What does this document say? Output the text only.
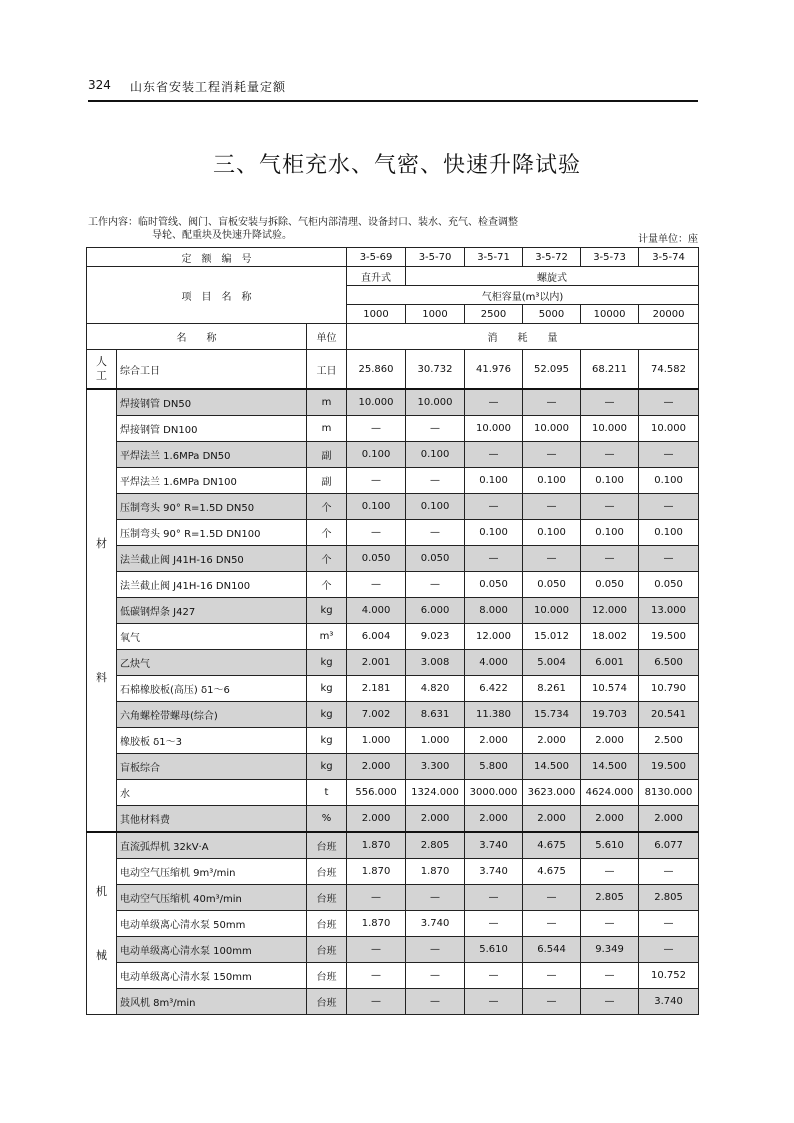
324 山东省安装工程消耗量定额
三、气柜充水、气密、快速升降试验
工作内容：临时管线、阀门、盲板安装与拆除、气柜内部清理、设备封口、装水、充气、检查调整
导轮、配重块及快速升降试验。	计量单位：座
定　额　编　号			3-5-69	3-5-70	3-5-71	3-5-72	3-5-73	3-5-74
项　目　名　称			直升式	螺旋式				
			气柜容量(m³以内)					
			1000	1000	2500	5000	10000	20000
名　　称		单位	消　　耗　　量					
人
工	综合工日	工日	25.860	30.732	41.976	52.095	68.211	74.582

材
料	焊接钢管 DN50	m	10.000	10.000	—	—	—	—
	焊接钢管 DN100	m	—	—	10.000	10.000	10.000	10.000
	平焊法兰 1.6MPa DN50	副	0.100	0.100	—	—	—	—
	平焊法兰 1.6MPa DN100	副	—	—	0.100	0.100	0.100	0.100
	压制弯头 90° R=1.5D DN50	个	0.100	0.100	—	—	—	—
	压制弯头 90° R=1.5D DN100	个	—	—	0.100	0.100	0.100	0.100
	法兰截止阀 J41H-16 DN50	个	0.050	0.050	—	—	—	—
	法兰截止阀 J41H-16 DN100	个	—	—	0.050	0.050	0.050	0.050
	低碳钢焊条 J427	kg	4.000	6.000	8.000	10.000	12.000	13.000
	氧气	m³	6.004	9.023	12.000	15.012	18.002	19.500
	乙炔气	kg	2.001	3.008	4.000	5.004	6.001	6.500
	石棉橡胶板(高压) δ1～6	kg	2.181	4.820	6.422	8.261	10.574	10.790
	六角螺栓带螺母(综合)	kg	7.002	8.631	11.380	15.734	19.703	20.541
	橡胶板 δ1～3	kg	1.000	1.000	2.000	2.000	2.000	2.500
	盲板综合	kg	2.000	3.300	5.800	14.500	14.500	19.500
	水	t	556.000	1324.000	3000.000	3623.000	4624.000	8130.000
	其他材料费	%	2.000	2.000	2.000	2.000	2.000	2.000

机
械	直流弧焊机 32kV·A	台班	1.870	2.805	3.740	4.675	5.610	6.077
	电动空气压缩机 9m³/min	台班	1.870	1.870	3.740	4.675	—	—
	电动空气压缩机 40m³/min	台班	—	—	—	—	2.805	2.805
	电动单级离心清水泵 50mm	台班	1.870	3.740	—	—	—	—
	电动单级离心清水泵 100mm	台班	—	—	5.610	6.544	9.349	—
	电动单级离心清水泵 150mm	台班	—	—	—	—	—	10.752
	鼓风机 8m³/min	台班	—	—	—	—	—	3.740
